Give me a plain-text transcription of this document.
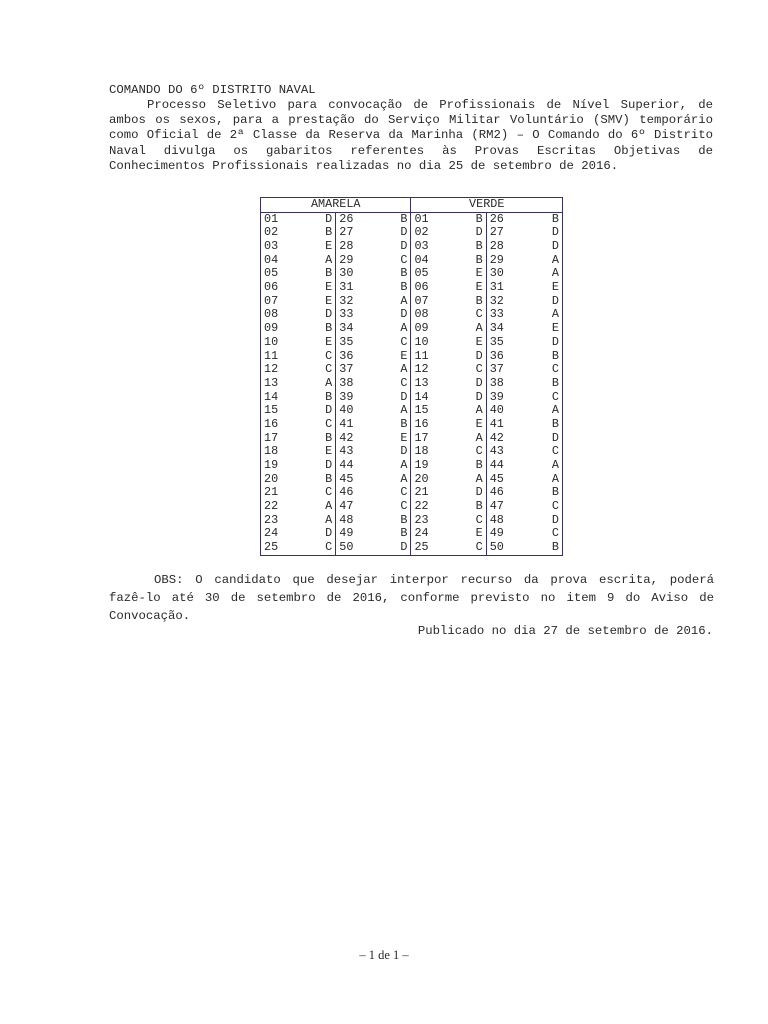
COMANDO DO 6º DISTRITO NAVAL

Processo Seletivo para convocação de Profissionais de Nível Superior, de ambos os sexos, para a prestação do Serviço Militar Voluntário (SMV) temporário como Oficial de 2ª Classe da Reserva da Marinha (RM2) – O Comando do 6º Distrito Naval divulga os gabaritos referentes às Provas Escritas Objetivas de Conhecimentos Profissionais realizadas no dia 25 de setembro de 2016.

AMARELA				VERDE			
01	D	26	B	01	B	26	B
02	B	27	D	02	D	27	D
03	E	28	D	03	B	28	D
04	A	29	C	04	B	29	A
05	B	30	B	05	E	30	A
06	E	31	B	06	E	31	E
07	E	32	A	07	B	32	D
08	D	33	D	08	C	33	A
09	B	34	A	09	A	34	E
10	E	35	C	10	E	35	D
11	C	36	E	11	D	36	B
12	C	37	A	12	C	37	C
13	A	38	C	13	D	38	B
14	B	39	D	14	D	39	C
15	D	40	A	15	A	40	A
16	C	41	B	16	E	41	B
17	B	42	E	17	A	42	D
18	E	43	D	18	C	43	C
19	D	44	A	19	B	44	A
20	B	45	A	20	A	45	A
21	C	46	C	21	D	46	B
22	A	47	C	22	B	47	C
23	A	48	B	23	C	48	D
24	D	49	B	24	E	49	C
25	C	50	D	25	C	50	B

OBS: O candidato que desejar interpor recurso da prova escrita, poderá fazê-lo até 30 de setembro de 2016, conforme previsto no item 9 do Aviso de Convocação.

Publicado no dia 27 de setembro de 2016.
– 1 de 1 –
